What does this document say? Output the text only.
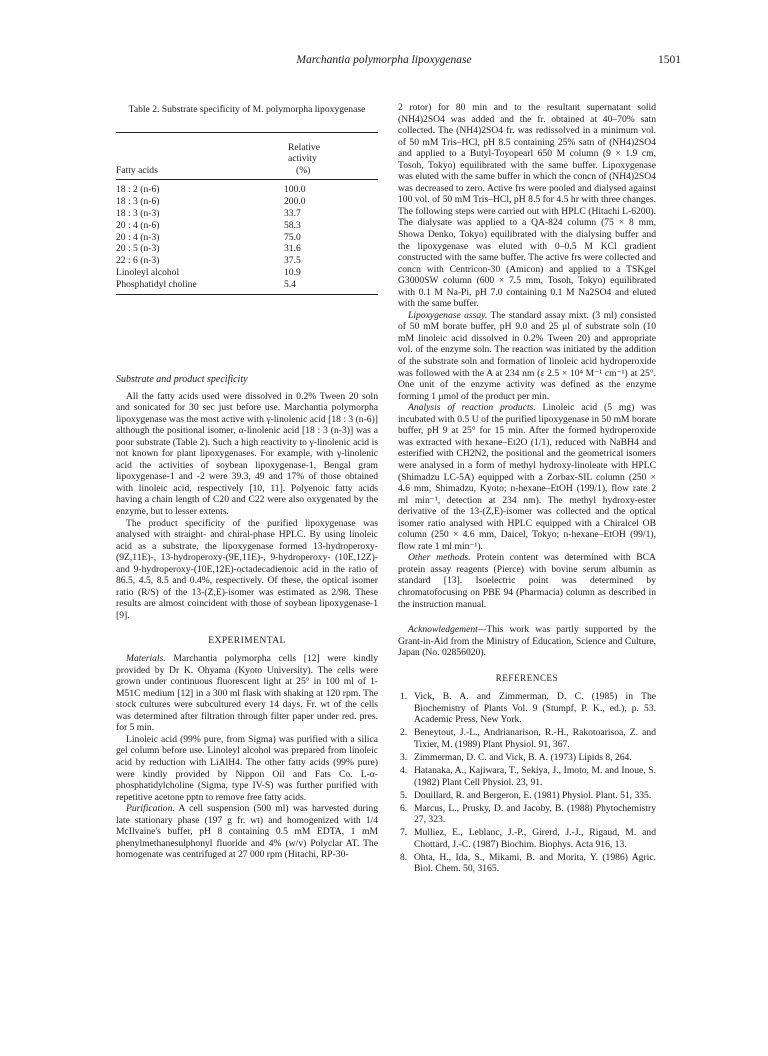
Marchantia polymorpha lipoxygenase	1501
Table 2. Substrate specificity of M. polymorpha lipoxygenase
Fatty acids
Relative
activity
(%)
18 : 2 (n-6)	100.0
18 : 3 (n-6)	200.0
18 : 3 (n-3)	33.7
20 : 4 (n-6)	58.3
20 : 4 (n-3)	75.0
20 : 5 (n-3)	31.6
22 : 6 (n-3)	37.5
Linoleyl alcohol	10.9
Phosphatidyl choline	5.4

Substrate and product specificity

All the fatty acids used were dissolved in 0.2% Tween 20 soln and sonicated for 30 sec just before use. Marchantia polymorpha lipoxygenase was the most active with γ-linolenic acid [18 : 3 (n-6)] although the positional isomer, α-linolenic acid [18 : 3 (n-3)] was a poor substrate (Table 2). Such a high reactivity to γ-linolenic acid is not known for plant lipoxygenases. For example, with γ-linolenic acid the activities of soybean lipoxygenase-1, Bengal gram lipoxygenase-1 and -2 were 39.3, 49 and 17% of those obtained with linoleic acid, respectively [10, 11]. Polyenoic fatty acids having a chain length of C20 and C22 were also oxygenated by the enzyme, but to lesser extents.

The product specificity of the purified lipoxygenase was analysed with straight- and chiral-phase HPLC. By using linoleic acid as a substrate, the lipoxygenase formed 13-hydroperoxy-(9Z,11E)-, 13-hydroperoxy-(9E,11E)-, 9-hydroperoxy- (10E,12Z)- and 9-hydroperoxy-(10E,12E)-octadecadienoic acid in the ratio of 86.5, 4.5, 8.5 and 0.4%, respectively. Of these, the optical isomer ratio (R/S) of the 13-(Z,E)-isomer was estimated as 2/98. These results are almost coincident with those of soybean lipoxygenase-1 [9].

EXPERIMENTAL

Materials. Marchantia polymorpha cells [12] were kindly provided by Dr K. Ohyama (Kyoto University). The cells were grown under continuous fluorescent light at 25° in 100 ml of 1-M51C medium [12] in a 300 ml flask with shaking at 120 rpm. The stock cultures were subcultured every 14 days. Fr. wt of the cells was determined after filtration through filter paper under red. pres. for 5 min.

Linoleic acid (99% pure, from Sigma) was purified with a silica gel column before use. Linoleyl alcohol was prepared from linoleic acid by reduction with LiAlH4. The other fatty acids (99% pure) were kindly provided by Nippon Oil and Fats Co. L-α-phosphatidylcholine (Sigma, type IV-S) was further purified with repetitive acetone pptn to remove free fatty acids.

Purification. A cell suspension (500 ml) was harvested during late stationary phase (197 g fr. wt) and homogenized with 1/4 McIlvaine's buffer, pH 8 containing 0.5 mM EDTA, 1 mM phenylmethanesulphonyl fluoride and 4% (w/v) Polyclar AT. The homogenate was centrifuged at 27 000 rpm (Hitachi, RP-30-

2 rotor) for 80 min and to the resultant supernatant solid (NH4)2SO4 was added and the fr. obtained at 40–70% satn collected. The (NH4)2SO4 fr. was redissolved in a minimum vol. of 50 mM Tris–HCl, pH 8.5 containing 25% satn of (NH4)2SO4 and applied to a Butyl-Toyopearl 650 M column (9 × 1.9 cm, Tosoh, Tokyo) equilibrated with the same buffer. Lipoxygenase was eluted with the same buffer in which the concn of (NH4)2SO4 was decreased to zero. Active frs were pooled and dialysed against 100 vol. of 50 mM Tris–HCl, pH 8.5 for 4.5 hr with three changes. The following steps were carried out with HPLC (Hitachi L-6200). The dialysate was applied to a QA-824 column (75 × 8 mm, Showa Denko, Tokyo) equilibrated with the dialysing buffer and the lipoxygenase was eluted with 0–0.5 M KCl gradient constructed with the same buffer. The active frs were collected and concn with Centricon-30 (Amicon) and applied to a TSKgel G3000SW column (600 × 7.5 mm, Tosoh, Tokyo) equilibrated with 0.1 M Na-Pi, pH 7.0 containing 0.1 M Na2SO4 and eluted with the same buffer.

Lipoxygenase assay. The standard assay mixt. (3 ml) consisted of 50 mM borate buffer, pH 9.0 and 25 μl of substrate soln (10 mM linoleic acid dissolved in 0.2% Tween 20) and appropriate vol. of the enzyme soln. The reaction was initiated by the addition of the substrate soln and formation of linoleic acid hydroperoxide was followed with the A at 234 nm (ε 2.5 × 10⁴ M⁻¹ cm⁻¹) at 25°. One unit of the enzyme activity was defined as the enzyme forming 1 μmol of the product per min.

Analysis of reaction products. Linoleic acid (5 mg) was incubated with 0.5 U of the purified lipoxygenase in 50 mM borate buffer, pH 9 at 25° for 15 min. After the formed hydroperoxide was extracted with hexane–Et2O (1/1), reduced with NaBH4 and esterified with CH2N2, the positional and the geometrical isomers were analysed in a form of methyl hydroxy-linoleate with HPLC (Shimadzu LC-5A) equipped with a Zorbax-SIL column (250 × 4.6 mm, Shimadzu, Kyoto; n-hexane–EtOH (199/1), flow rate 2 ml min⁻¹, detection at 234 nm). The methyl hydroxy-ester derivative of the 13-(Z,E)-isomer was collected and the optical isomer ratio analysed with HPLC equipped with a Chiralcel OB column (250 × 4.6 mm, Daicel, Tokyo; n-hexane–EtOH (99/1), flow rate 1 ml min⁻¹).

Other methods. Protein content was determined with BCA protein assay reagents (Pierce) with bovine serum albumin as standard [13]. Isoelectric point was determined by chromatofocusing on PBE 94 (Pharmacia) column as described in the instruction manual.

Acknowledgement—This work was partly supported by the Grant-in-Aid from the Ministry of Education, Science and Culture, Japan (No. 02856020).

REFERENCES
1. Vick, B. A. and Zimmerman, D. C. (1985) in The Biochemistry of Plants Vol. 9 (Stumpf, P. K., ed.), p. 53. Academic Press, New York.
2. Beneytout, J.-L., Andrianarison, R.-H., Rakotoarisoa, Z. and Tixier, M. (1989) Plant Physiol. 91, 367.
3. Zimmerman, D. C. and Vick, B. A. (1973) Lipids 8, 264.
4. Hatanaka, A., Kajiwara, T., Sekiya, J., Imoto, M. and Inoue, S. (1982) Plant Cell Physiol. 23, 91.
5. Douillard, R. and Bergeron, E. (1981) Physiol. Plant. 51, 335.
6. Marcus, L., Prusky, D. and Jacoby, B. (1988) Phytochemistry 27, 323.
7. Mulliez, E., Leblanc, J.-P., Girerd, J.-J., Rigaud, M. and Chottard, J.-C. (1987) Biochim. Biophys. Acta 916, 13.
8. Ohta, H., Ida, S., Mikami, B. and Morita, Y. (1986) Agric. Biol. Chem. 50, 3165.
